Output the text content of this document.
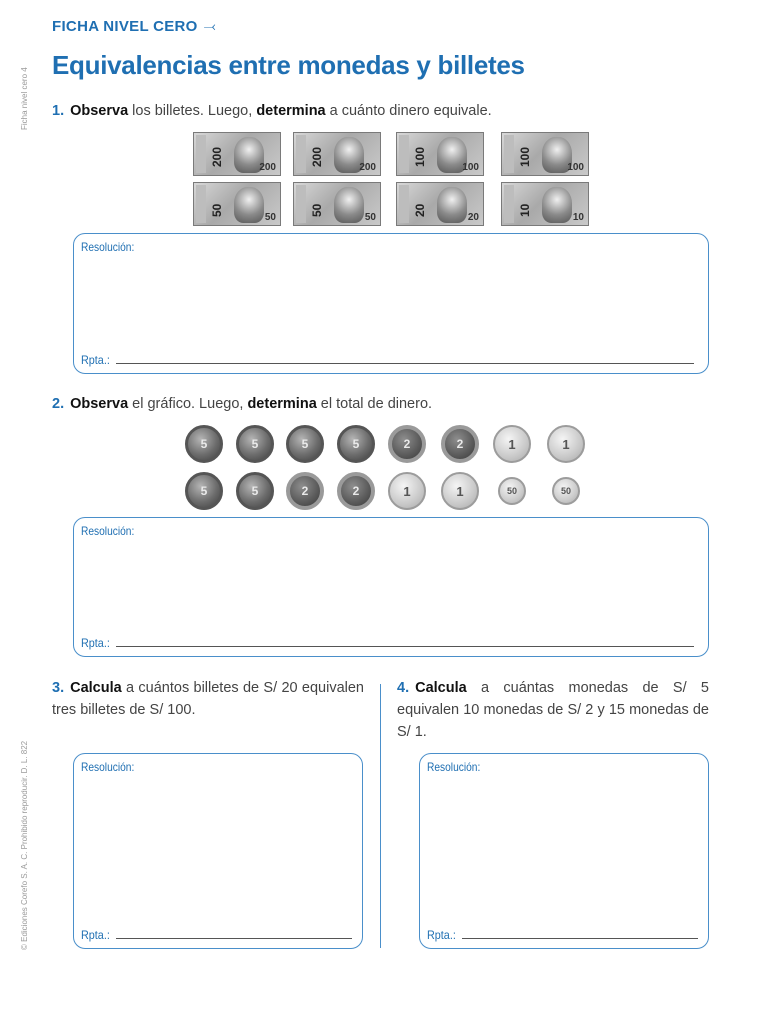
FICHA NIVEL CERO ⤙
Equivalencias entre monedas y billetes
Ficha nivel cero 4
© Ediciones Corefo S. A. C. Prohibido reproducir. D. L. 822
1. Observa los billetes. Luego, determina a cuánto dinero equivale.
200
200
200
200
100
100
100
100
50
50
50
50
20
20
10
10
Resolución:
Rpta.:
2. Observa el gráfico. Luego, determina el total de dinero.
5	5	5	5	2	2	1	1
5	5	2	2	1	1	50	50
Resolución:
Rpta.:
3. Calcula a cuántos billetes de S/ 20 equivalen tres billetes de S/ 100.
4. Calcula a cuántas monedas de S/ 5 equivalen 10 monedas de S/ 2 y 15 monedas de S/ 1.
Resolución:
Rpta.:
Resolución:
Rpta.:
